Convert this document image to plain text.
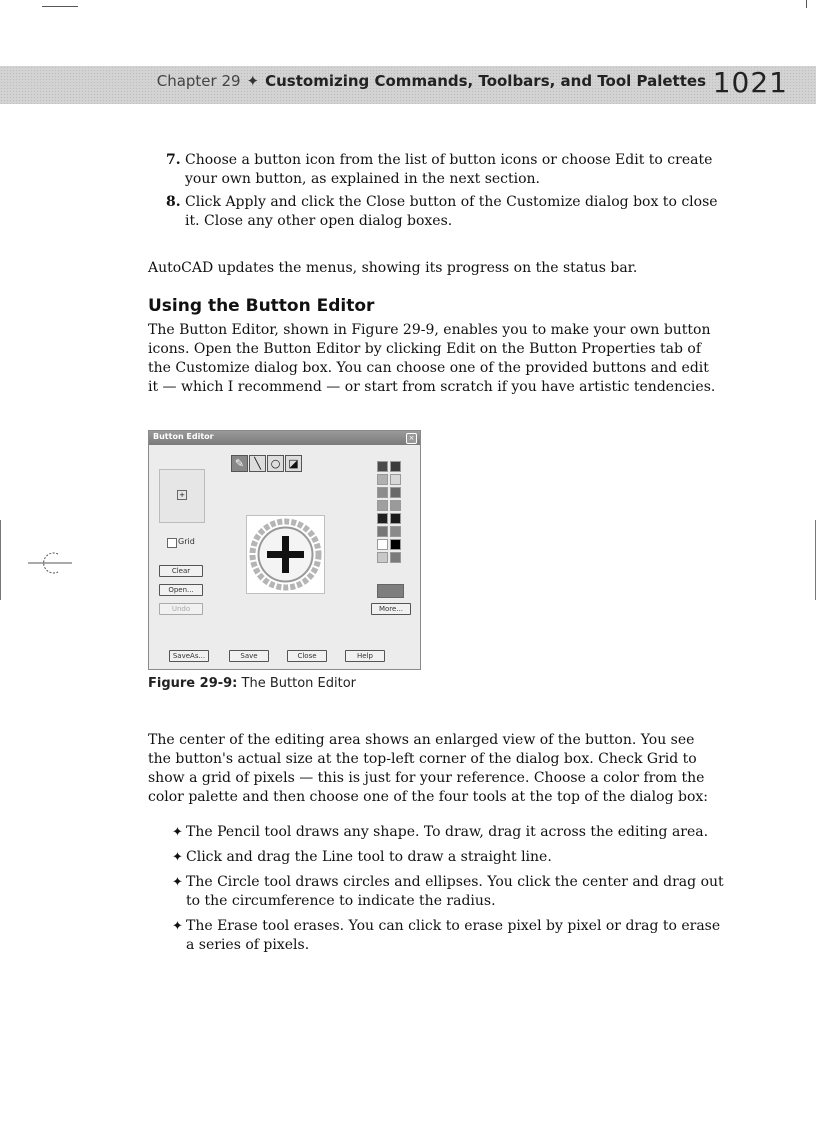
Chapter 29 ✦ Customizing Commands, Toolbars, and Tool Palettes 1021
7. Choose a button icon from the list of button icons or choose Edit to create your own button, as explained in the next section.
8. Click Apply and click the Close button of the Customize dialog box to close it. Close any other open dialog boxes.

AutoCAD updates the menus, showing its progress on the status bar.

Using the Button Editor

The Button Editor, shown in Figure 29-9, enables you to make your own button icons. Open the Button Editor by clicking Edit on the Button Properties tab of the Customize dialog box. You can choose one of the provided buttons and edit it — which I recommend — or start from scratch if you have artistic tendencies.

Button Editor	×
+
Grid
Clear
Open...
Undo
✎ ╲ ○ ◪
More...
SaveAs...	Save	Close	Help
Figure 29-9: The Button Editor

The center of the editing area shows an enlarged view of the button. You see the button's actual size at the top-left corner of the dialog box. Check Grid to show a grid of pixels — this is just for your reference. Choose a color from the color palette and then choose one of the four tools at the top of the dialog box:

✦ The Pencil tool draws any shape. To draw, drag it across the editing area.
✦ Click and drag the Line tool to draw a straight line.
✦ The Circle tool draws circles and ellipses. You click the center and drag out to the circumference to indicate the radius.
✦ The Erase tool erases. You can click to erase pixel by pixel or drag to erase a series of pixels.
